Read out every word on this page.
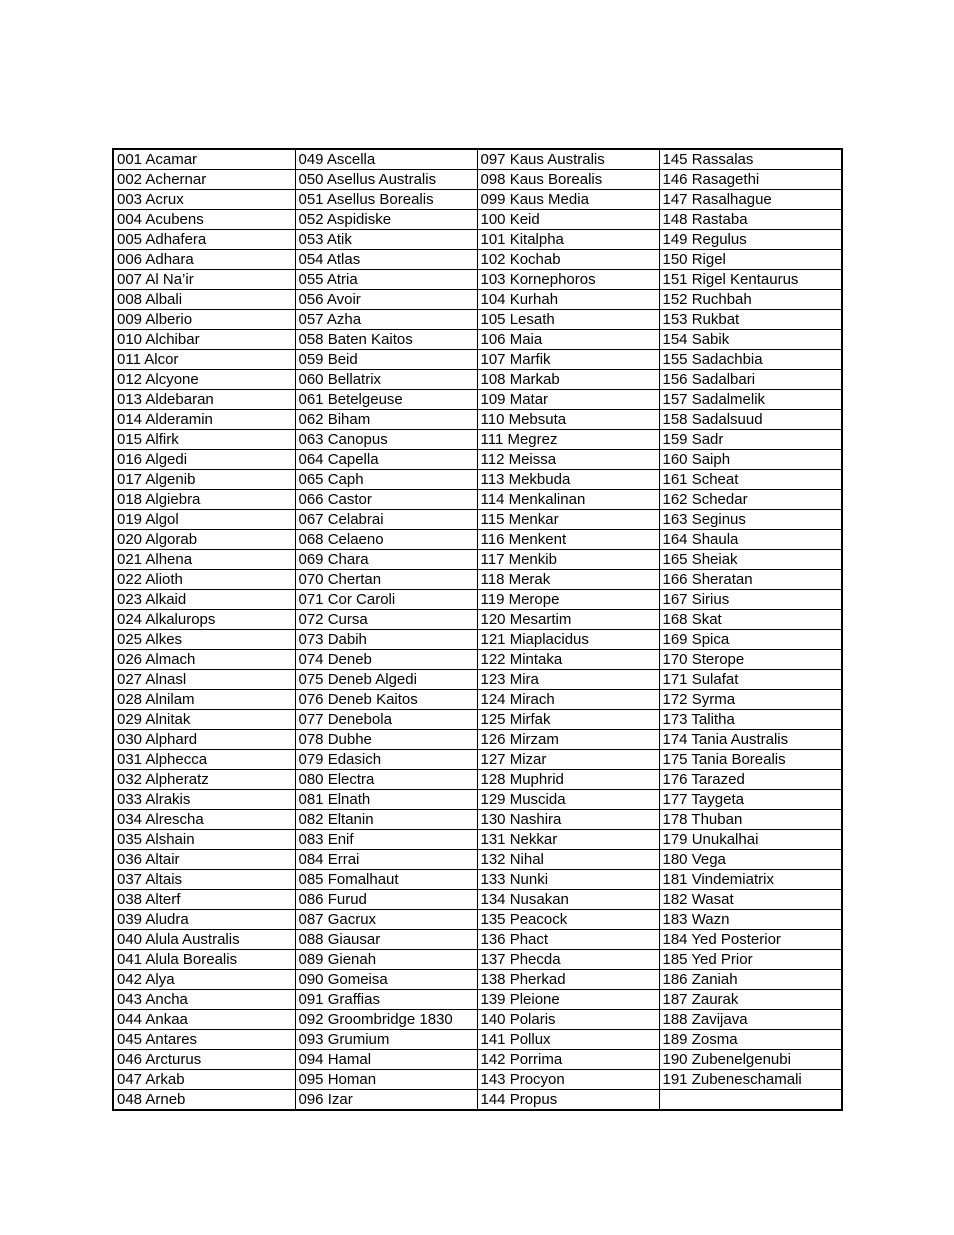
001 Acamar	049 Ascella	097 Kaus Australis	145 Rassalas
002 Achernar	050 Asellus Australis	098 Kaus Borealis	146 Rasagethi
003 Acrux	051 Asellus Borealis	099 Kaus Media	147 Rasalhague
004 Acubens	052 Aspidiske	100 Keid	148 Rastaba
005 Adhafera	053 Atik	101 Kitalpha	149 Regulus
006 Adhara	054 Atlas	102 Kochab	150 Rigel
007 Al Na’ir	055 Atria	103 Kornephoros	151 Rigel Kentaurus
008 Albali	056 Avoir	104 Kurhah	152 Ruchbah
009 Alberio	057 Azha	105 Lesath	153 Rukbat
010 Alchibar	058 Baten Kaitos	106 Maia	154 Sabik
011 Alcor	059 Beid	107 Marfik	155 Sadachbia
012 Alcyone	060 Bellatrix	108 Markab	156 Sadalbari
013 Aldebaran	061 Betelgeuse	109 Matar	157 Sadalmelik
014 Alderamin	062 Biham	110 Mebsuta	158 Sadalsuud
015 Alfirk	063 Canopus	111 Megrez	159 Sadr
016 Algedi	064 Capella	112 Meissa	160 Saiph
017 Algenib	065 Caph	113 Mekbuda	161 Scheat
018 Algiebra	066 Castor	114 Menkalinan	162 Schedar
019 Algol	067 Celabrai	115 Menkar	163 Seginus
020 Algorab	068 Celaeno	116 Menkent	164 Shaula
021 Alhena	069 Chara	117 Menkib	165 Sheiak
022 Alioth	070 Chertan	118 Merak	166 Sheratan
023 Alkaid	071 Cor Caroli	119 Merope	167 Sirius
024 Alkalurops	072 Cursa	120 Mesartim	168 Skat
025 Alkes	073 Dabih	121 Miaplacidus	169 Spica
026 Almach	074 Deneb	122 Mintaka	170 Sterope
027 Alnasl	075 Deneb Algedi	123 Mira	171 Sulafat
028 Alnilam	076 Deneb Kaitos	124 Mirach	172 Syrma
029 Alnitak	077 Denebola	125 Mirfak	173 Talitha
030 Alphard	078 Dubhe	126 Mirzam	174 Tania Australis
031 Alphecca	079 Edasich	127 Mizar	175 Tania Borealis
032 Alpheratz	080 Electra	128 Muphrid	176 Tarazed
033 Alrakis	081 Elnath	129 Muscida	177 Taygeta
034 Alrescha	082 Eltanin	130 Nashira	178 Thuban
035 Alshain	083 Enif	131 Nekkar	179 Unukalhai
036 Altair	084 Errai	132 Nihal	180 Vega
037 Altais	085 Fomalhaut	133 Nunki	181 Vindemiatrix
038 Alterf	086 Furud	134 Nusakan	182 Wasat
039 Aludra	087 Gacrux	135 Peacock	183 Wazn
040 Alula Australis	088 Giausar	136 Phact	184 Yed Posterior
041 Alula Borealis	089 Gienah	137 Phecda	185 Yed Prior
042 Alya	090 Gomeisa	138 Pherkad	186 Zaniah
043 Ancha	091 Graffias	139 Pleione	187 Zaurak
044 Ankaa	092 Groombridge 1830	140 Polaris	188 Zavijava
045 Antares	093 Grumium	141 Pollux	189 Zosma
046 Arcturus	094 Hamal	142 Porrima	190 Zubenelgenubi
047 Arkab	095 Homan	143 Procyon	191 Zubeneschamali
048 Arneb	096 Izar	144 Propus	
